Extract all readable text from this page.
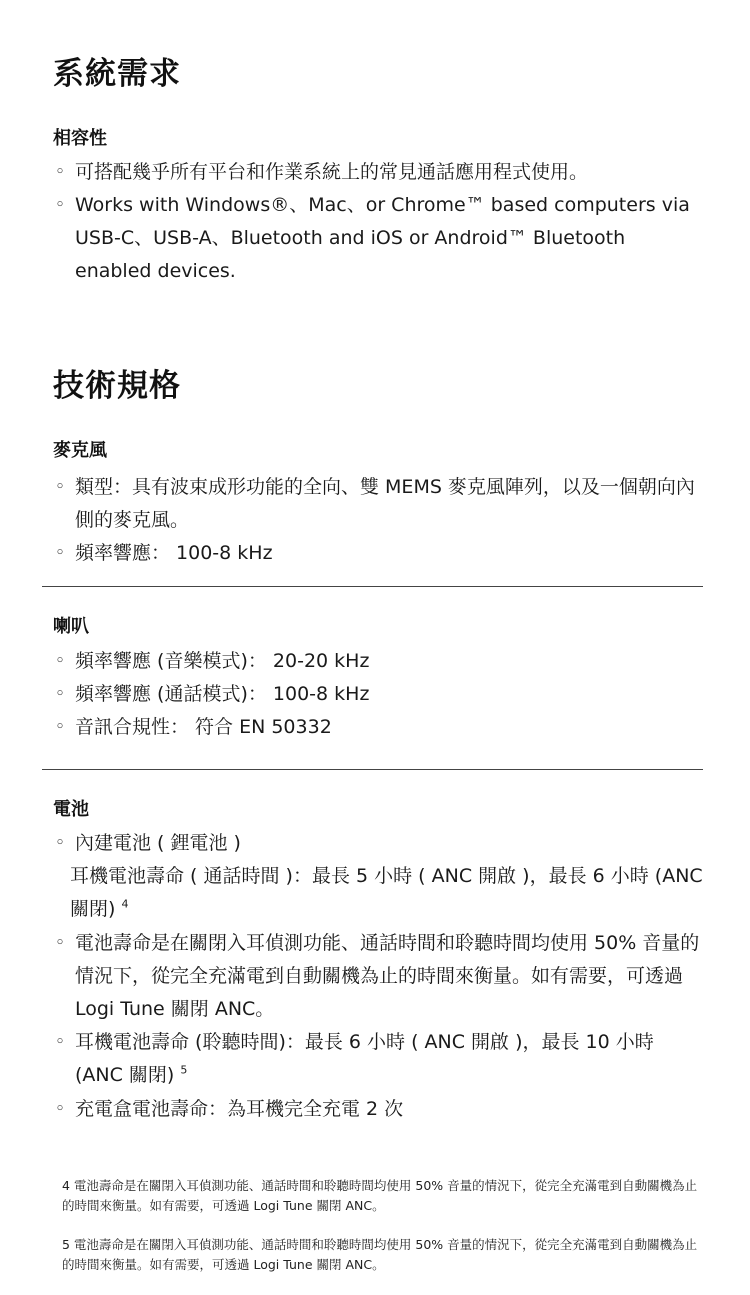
系統需求
相容性
◦ 可搭配幾乎所有平台和作業系統上的常見通話應用程式使用。
◦ Works with Windows®、Mac、or Chrome™ based computers via USB-C、USB-A、Bluetooth and iOS or Android™ Bluetooth enabled devices.
技術規格
麥克風
◦ 類型：具有波束成形功能的全向、雙 MEMS 麥克風陣列，以及一個朝向內側的麥克風。
◦ 頻率響應： 100-8 kHz
喇叭
◦ 頻率響應 (音樂模式)： 20-20 kHz
◦ 頻率響應 (通話模式)： 100-8 kHz
◦ 音訊合規性： 符合 EN 50332
電池
◦ 內建電池 ( 鋰電池 )
耳機電池壽命 ( 通話時間 )：最長 5 小時 ( ANC 開啟 )，最長 6 小時 (ANC 關閉) $^4$
◦ 電池壽命是在關閉入耳偵測功能、通話時間和聆聽時間均使用 50% 音量的情況下，從完全充滿電到自動關機為止的時間來衡量。如有需要，可透過 Logi Tune 關閉 ANC。
◦ 耳機電池壽命 (聆聽時間)：最長 6 小時 ( ANC 開啟 )，最長 10 小時 (ANC 關閉) $^5$
◦ 充電盒電池壽命：為耳機完全充電 2 次
4 電池壽命是在關閉入耳偵測功能、通話時間和聆聽時間均使用 50% 音量的情況下，從完全充滿電到自動關機為止的時間來衡量。如有需要，可透過 Logi Tune 關閉 ANC。
5 電池壽命是在關閉入耳偵測功能、通話時間和聆聽時間均使用 50% 音量的情況下，從完全充滿電到自動關機為止的時間來衡量。如有需要，可透過 Logi Tune 關閉 ANC。
